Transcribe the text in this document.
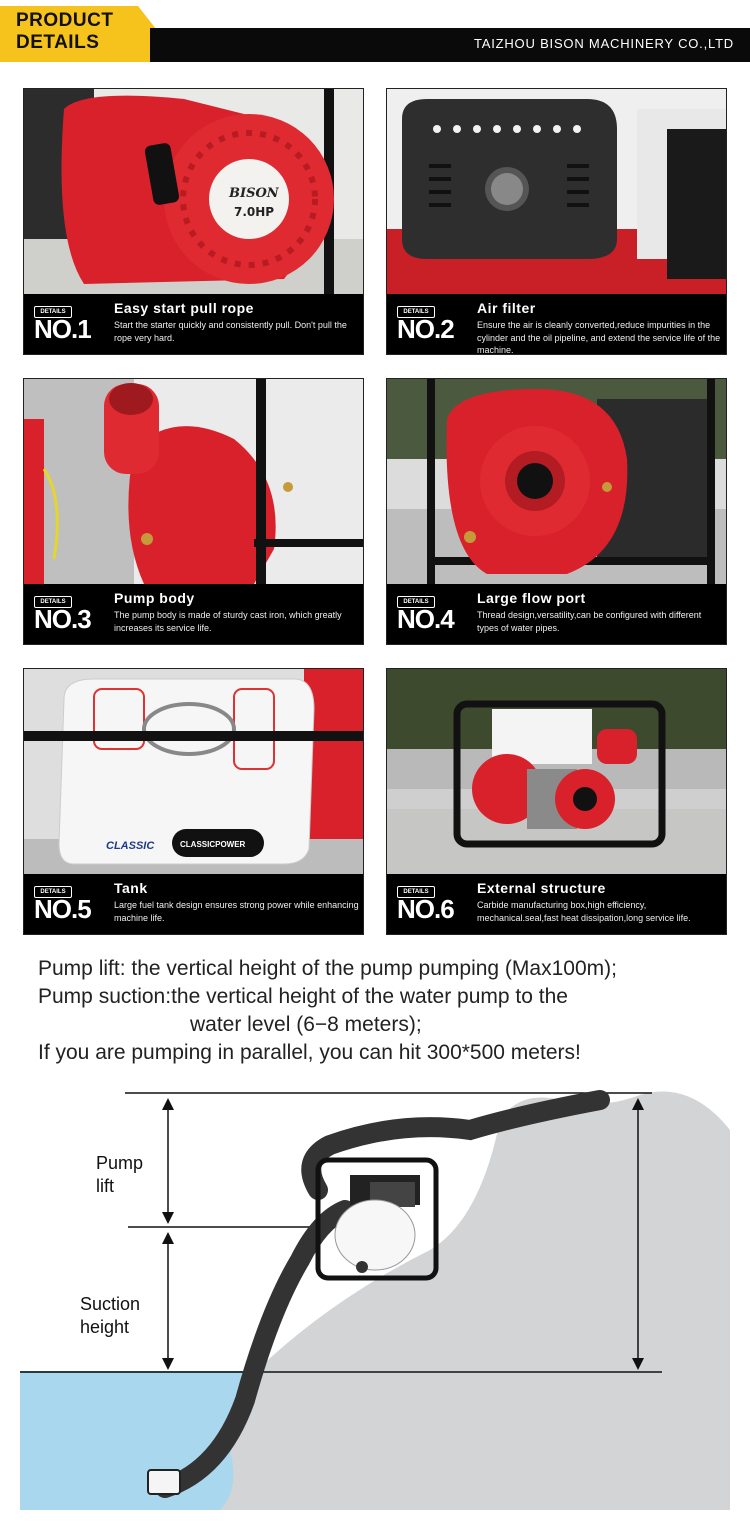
PRODUCT
DETAILS	TAIZHOU BISON MACHINERY CO.,LTD
BISON
7.0HP
DETAILS
NO.1
Easy start pull rope
Start the starter quickly and consistently pull. Don't pull the rope very hard.
DETAILS
NO.2
Air filter
Ensure the air is cleanly converted,reduce impurities in the cylinder and the oil pipeline, and extend the service life of the machine.
DETAILS
NO.3
Pump body
The pump body is made of sturdy cast iron, which greatly increases its service life.
DETAILS
NO.4
Large flow port
Thread design,versatility,can be configured with different types of water pipes.
CLASSIC	CLASSICPOWER
DETAILS
NO.5
Tank
Large fuel tank design ensures strong power while enhancing machine life.
DETAILS
NO.6
External structure
Carbide manufacturing box,high efficiency, mechanical.seal,fast heat dissipation,long service life.
Pump lift: the vertical height of the pump pumping (Max100m);
Pump suction:the vertical height of the water pump to the
water level (6−8 meters);
If you are pumping in parallel, you can hit 300*500 meters!
Pump
lift
Suction
height
